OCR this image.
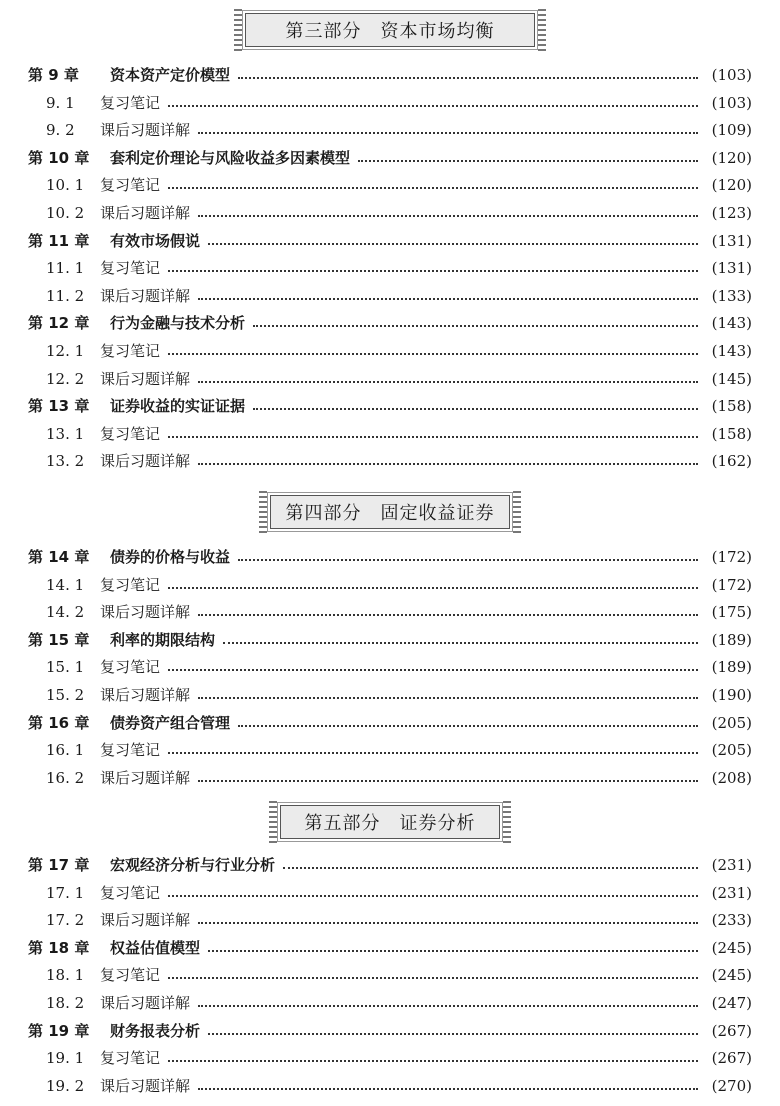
第三部分　资本市场均衡
第 9 章 资本资产定价模型	(103)
9. 1 复习笔记	(103)
9. 2 课后习题详解	(109)
第 10 章 套利定价理论与风险收益多因素模型	(120)
10. 1 复习笔记	(120)
10. 2 课后习题详解	(123)
第 11 章 有效市场假说	(131)
11. 1 复习笔记	(131)
11. 2 课后习题详解	(133)
第 12 章 行为金融与技术分析	(143)
12. 1 复习笔记	(143)
12. 2 课后习题详解	(145)
第 13 章 证券收益的实证证据	(158)
13. 1 复习笔记	(158)
13. 2 课后习题详解	(162)
第四部分　固定收益证券
第 14 章 债券的价格与收益	(172)
14. 1 复习笔记	(172)
14. 2 课后习题详解	(175)
第 15 章 利率的期限结构	(189)
15. 1 复习笔记	(189)
15. 2 课后习题详解	(190)
第 16 章 债券资产组合管理	(205)
16. 1 复习笔记	(205)
16. 2 课后习题详解	(208)
第五部分　证券分析
第 17 章 宏观经济分析与行业分析	(231)
17. 1 复习笔记	(231)
17. 2 课后习题详解	(233)
第 18 章 权益估值模型	(245)
18. 1 复习笔记	(245)
18. 2 课后习题详解	(247)
第 19 章 财务报表分析	(267)
19. 1 复习笔记	(267)
19. 2 课后习题详解	(270)
